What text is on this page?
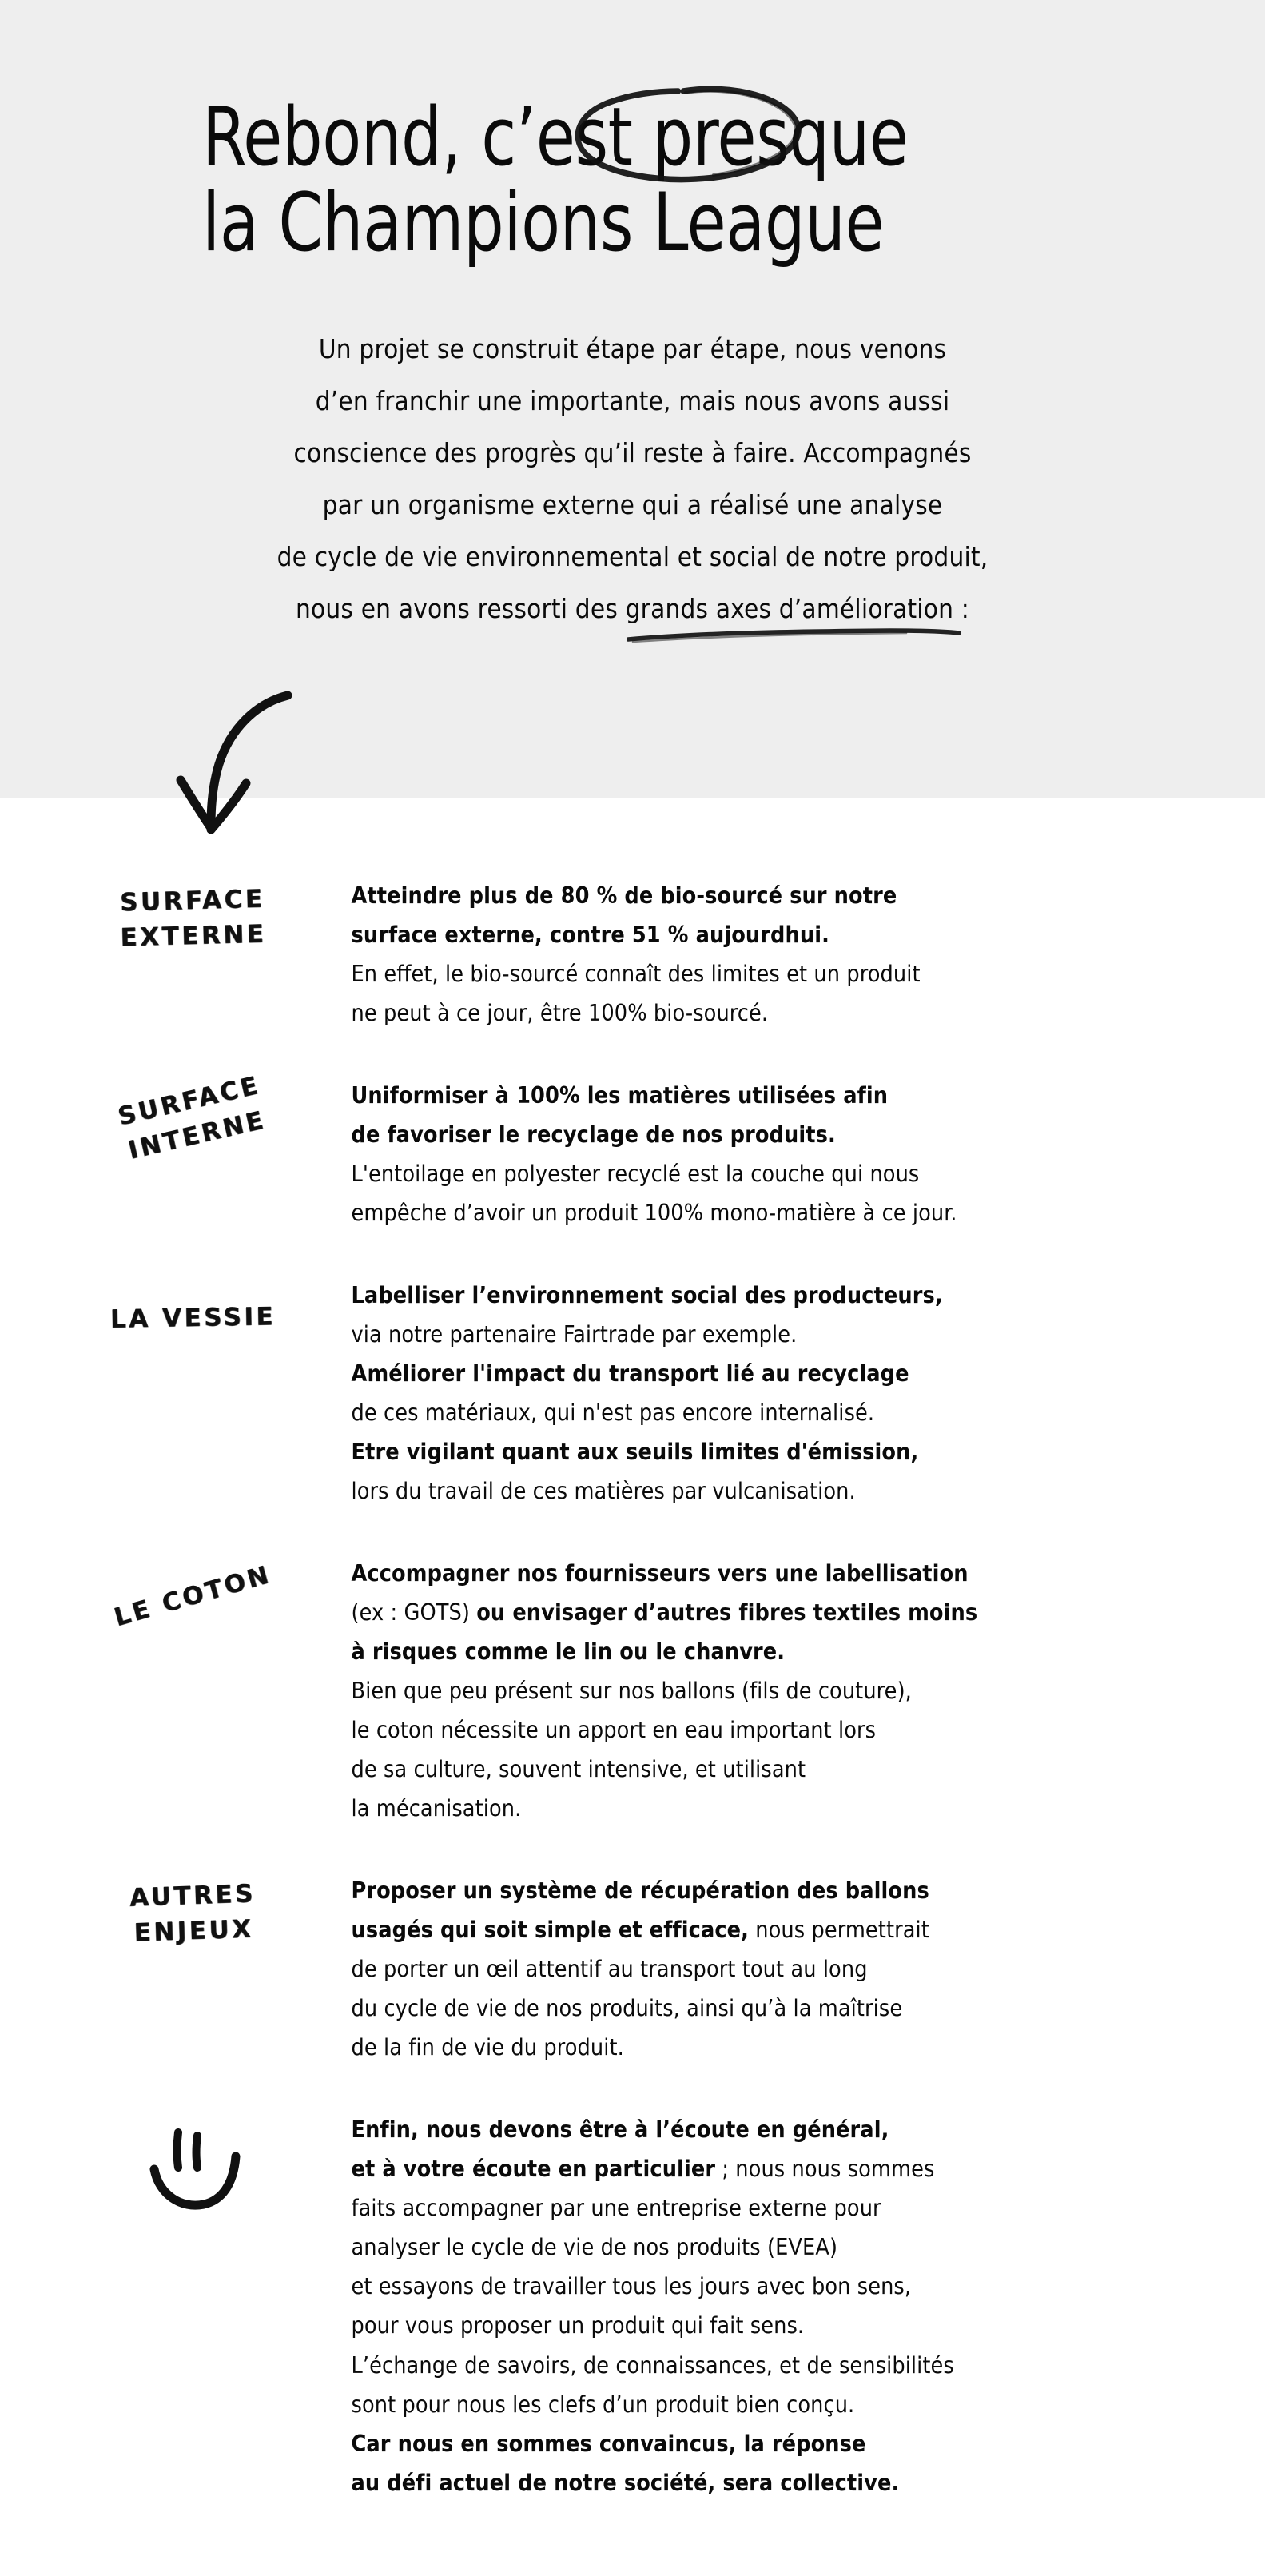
Rebond, c’est presque
la Champions League
Un projet se construit étape par étape, nous venons
d’en franchir une importante, mais nous avons aussi
conscience des progrès qu’il reste à faire. Accompagnés
par un organisme externe qui a réalisé une analyse
de cycle de vie environnemental et social de notre produit,
nous en avons ressorti des grands axes d’amélioration :
SURFACE
EXTERNE

Atteindre plus de 80 % de bio-sourcé sur notre

surface externe, contre 51 % aujourdhui.

En effet, le bio-sourcé connaît des limites et un produit

ne peut à ce jour, être 100% bio-sourcé.

SURFACE
INTERNE

Uniformiser à 100% les matières utilisées afin

de favoriser le recyclage de nos produits.

L'entoilage en polyester recyclé est la couche qui nous

empêche d’avoir un produit 100% mono-matière à ce jour.

LA VESSIE

Labelliser l’environnement social des producteurs,

via notre partenaire Fairtrade par exemple.

Améliorer l'impact du transport lié au recyclage

de ces matériaux, qui n'est pas encore internalisé.

Etre vigilant quant aux seuils limites d'émission,

lors du travail de ces matières par vulcanisation.

LE COTON	Accompagner nos fournisseurs vers une labellisation

(ex : GOTS) ou envisager d’autres fibres textiles moins

à risques comme le lin ou le chanvre.

Bien que peu présent sur nos ballons (fils de couture),

le coton nécessite un apport en eau important lors

de sa culture, souvent intensive, et utilisant

la mécanisation.

AUTRES
ENJEUX

Proposer un système de récupération des ballons

usagés qui soit simple et efficace, nous permettrait

de porter un œil attentif au transport tout au long

du cycle de vie de nos produits, ainsi qu’à la maîtrise

de la fin de vie du produit.

Enfin, nous devons être à l’écoute en général,

et à votre écoute en particulier ; nous nous sommes

faits accompagner par une entreprise externe pour

analyser le cycle de vie de nos produits (EVEA)

et essayons de travailler tous les jours avec bon sens,

pour vous proposer un produit qui fait sens.

L’échange de savoirs, de connaissances, et de sensibilités

sont pour nous les clefs d’un produit bien conçu.

Car nous en sommes convaincus, la réponse

au défi actuel de notre société, sera collective.
